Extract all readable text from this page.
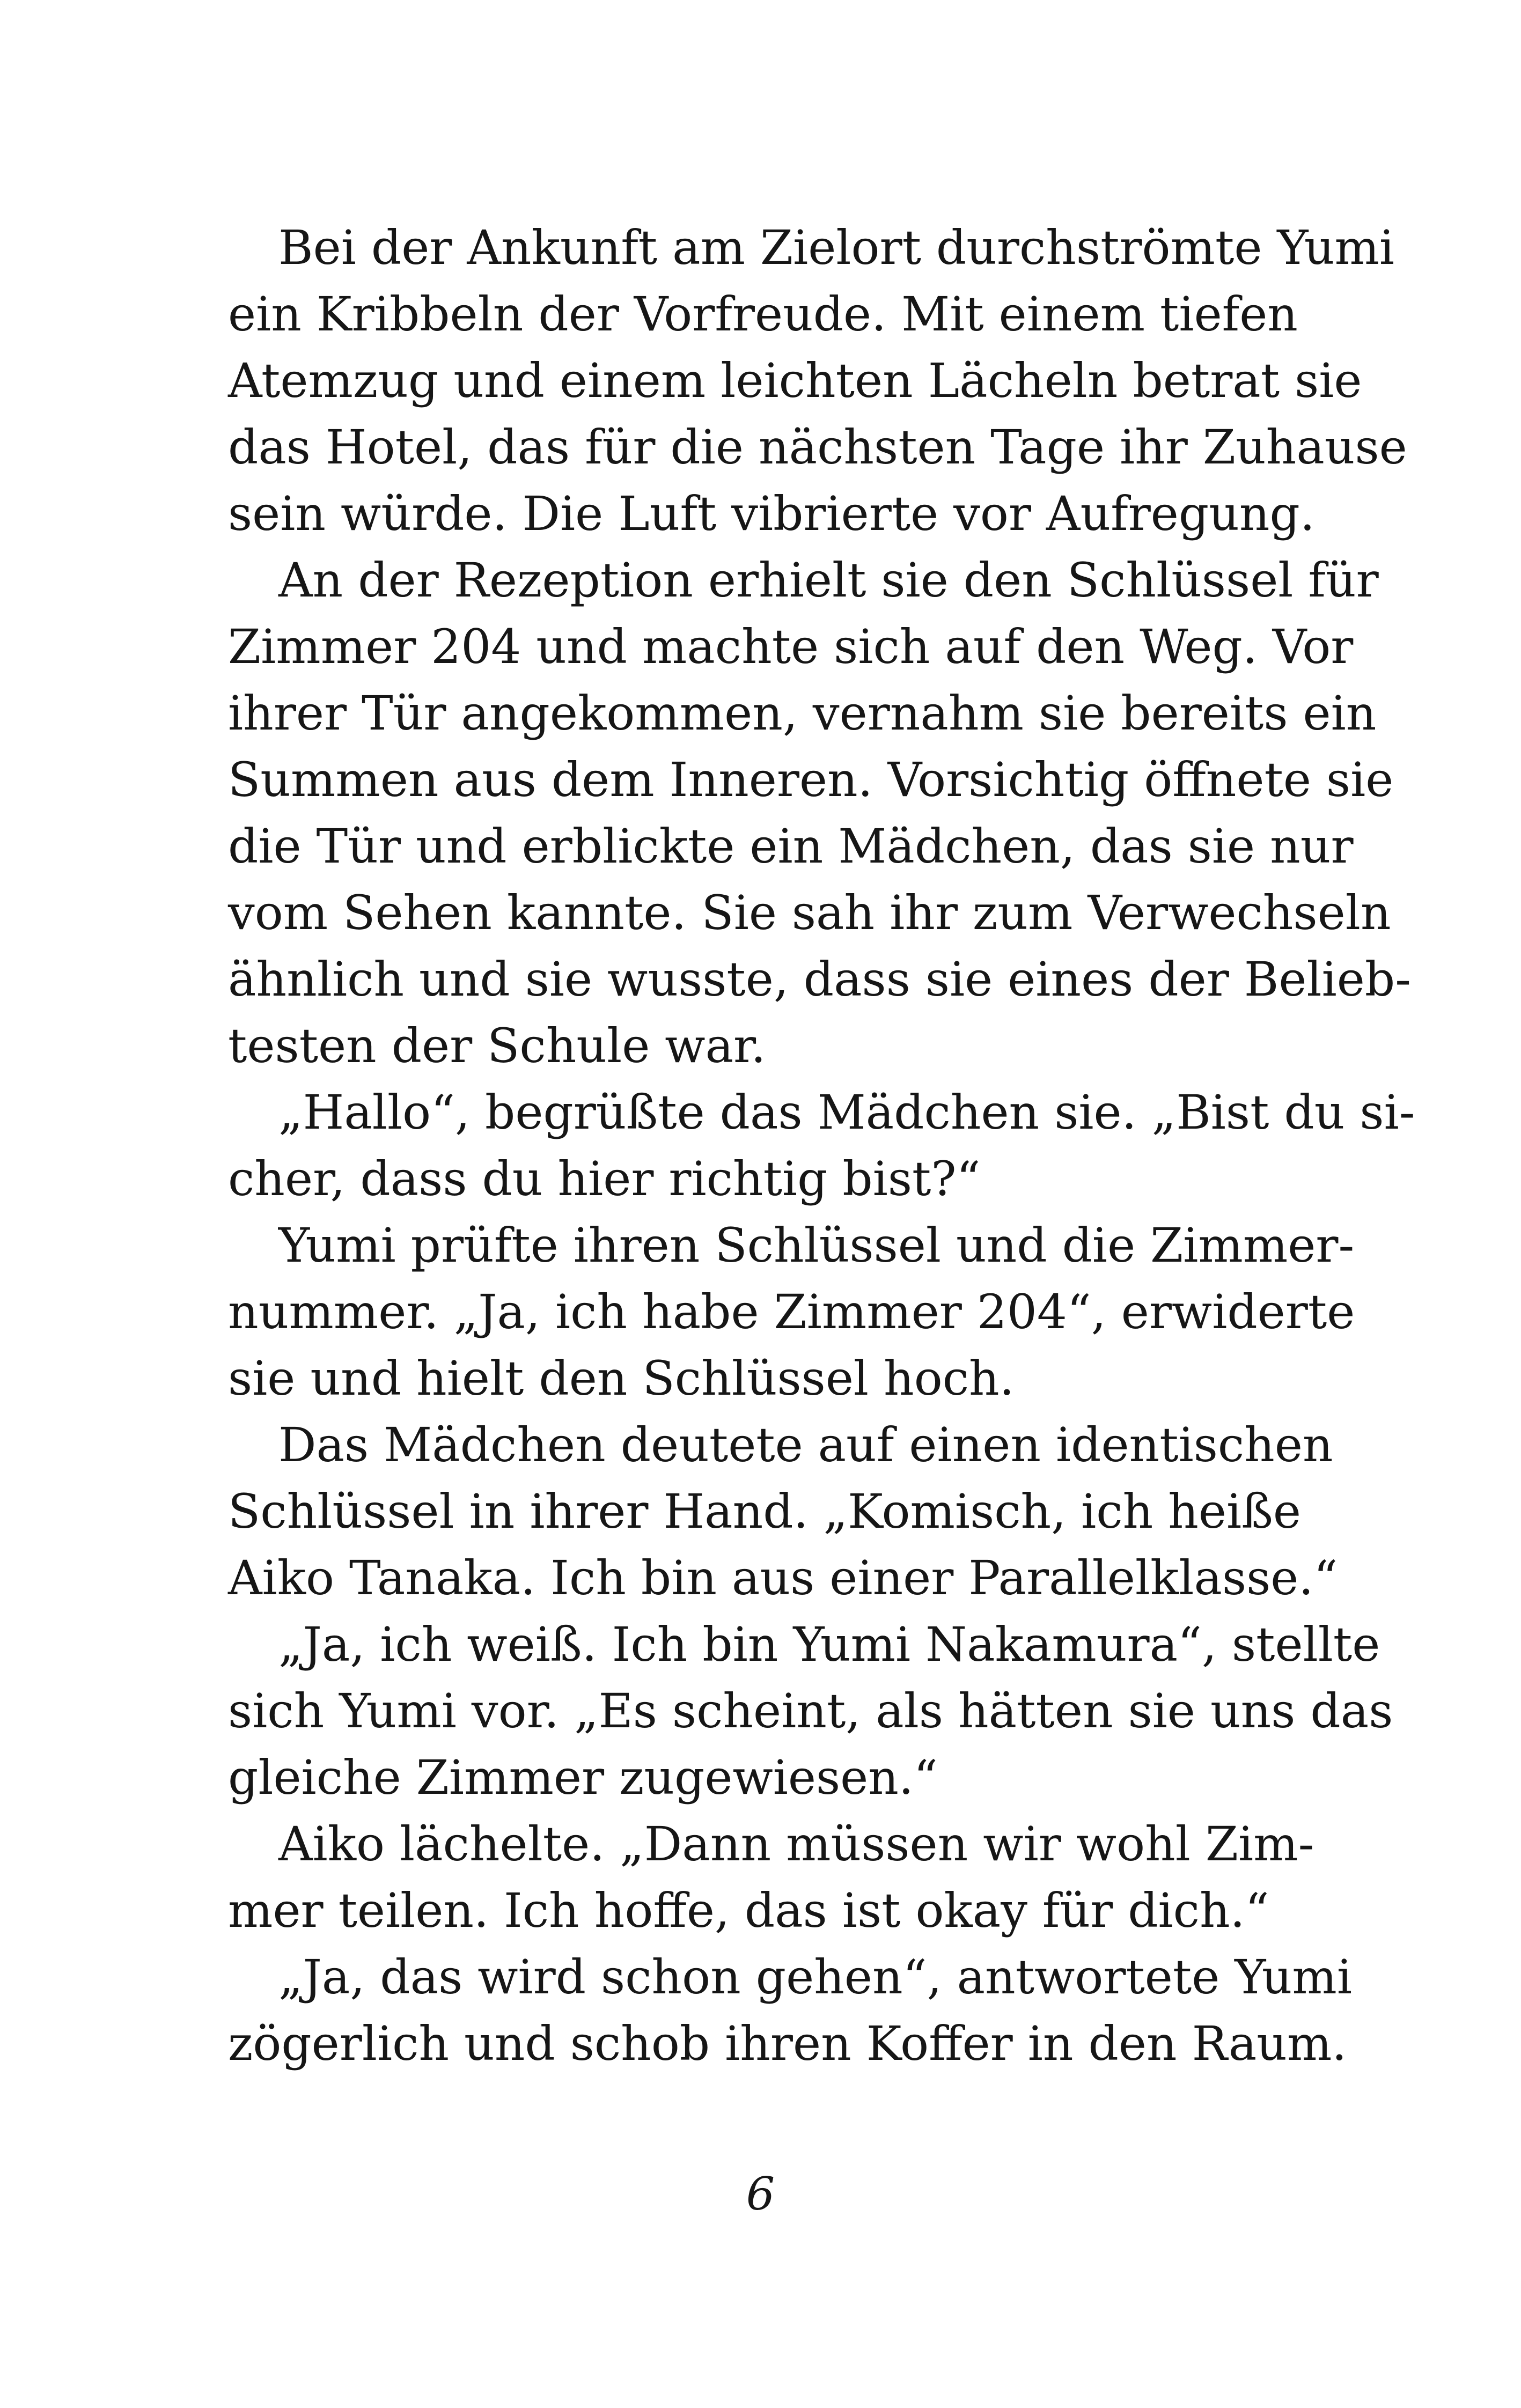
Bei der Ankunft am Zielort durchströmte Yumi
ein Kribbeln der Vorfreude. Mit einem tiefen
Atemzug und einem leichten Lächeln betrat sie
das Hotel, das für die nächsten Tage ihr Zuhause
sein würde. Die Luft vibrierte vor Aufregung.
An der Rezeption erhielt sie den Schlüssel für
Zimmer 204 und machte sich auf den Weg. Vor
ihrer Tür angekommen, vernahm sie bereits ein
Summen aus dem Inneren. Vorsichtig öffnete sie
die Tür und erblickte ein Mädchen, das sie nur
vom Sehen kannte. Sie sah ihr zum Verwechseln
ähnlich und sie wusste, dass sie eines der Belieb-
testen der Schule war.
„Hallo“, begrüßte das Mädchen sie. „Bist du si-
cher, dass du hier richtig bist?“
Yumi prüfte ihren Schlüssel und die Zimmer-
nummer. „Ja, ich habe Zimmer 204“, erwiderte
sie und hielt den Schlüssel hoch.
Das Mädchen deutete auf einen identischen
Schlüssel in ihrer Hand. „Komisch, ich heiße
Aiko Tanaka. Ich bin aus einer Parallelklasse.“
„Ja, ich weiß. Ich bin Yumi Nakamura“, stellte
sich Yumi vor. „Es scheint, als hätten sie uns das
gleiche Zimmer zugewiesen.“
Aiko lächelte. „Dann müssen wir wohl Zim-
mer teilen. Ich hoffe, das ist okay für dich.“
„Ja, das wird schon gehen“, antwortete Yumi
zögerlich und schob ihren Koffer in den Raum.
6
